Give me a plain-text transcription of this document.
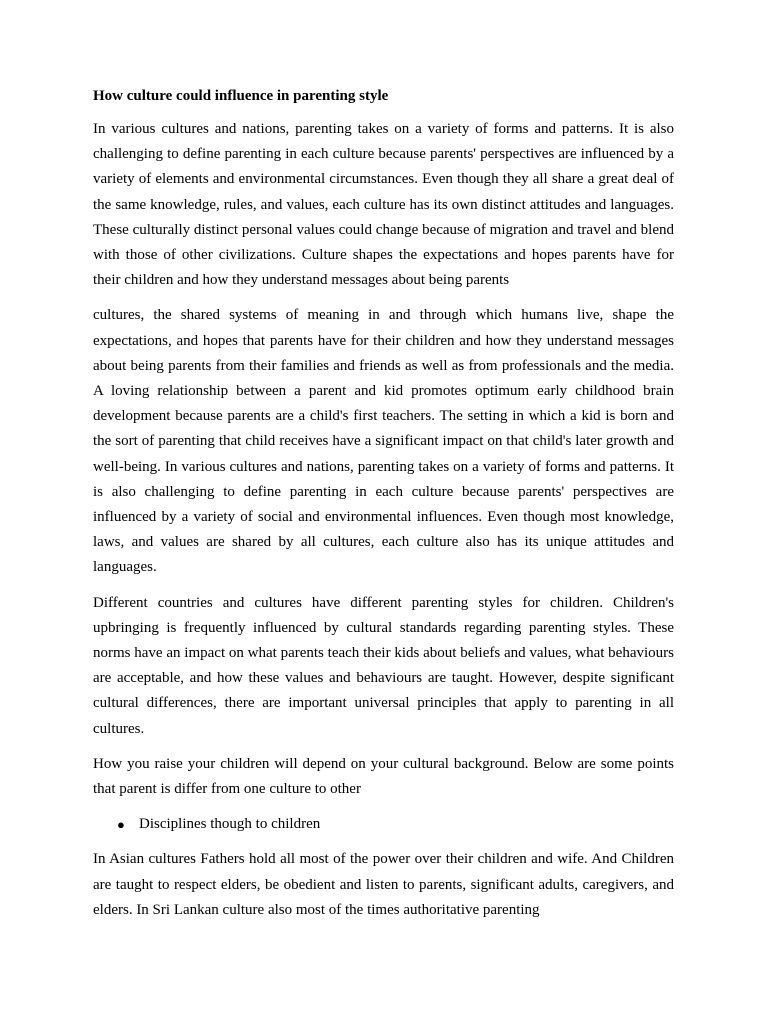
How culture could influence in parenting style

In various cultures and nations, parenting takes on a variety of forms and patterns. It is also challenging to define parenting in each culture because parents' perspectives are influenced by a variety of elements and environmental circumstances. Even though they all share a great deal of the same knowledge, rules, and values, each culture has its own distinct attitudes and languages. These culturally distinct personal values could change because of migration and travel and blend with those of other civilizations. Culture shapes the expectations and hopes parents have for their children and how they understand messages about being parents

cultures, the shared systems of meaning in and through which humans live, shape the expectations, and hopes that parents have for their children and how they understand messages about being parents from their families and friends as well as from professionals and the media. A loving relationship between a parent and kid promotes optimum early childhood brain development because parents are a child's first teachers. The setting in which a kid is born and the sort of parenting that child receives have a significant impact on that child's later growth and well-being. In various cultures and nations, parenting takes on a variety of forms and patterns. It is also challenging to define parenting in each culture because parents' perspectives are influenced by a variety of social and environmental influences. Even though most knowledge, laws, and values are shared by all cultures, each culture also has its unique attitudes and languages.

Different countries and cultures have different parenting styles for children. Children's upbringing is frequently influenced by cultural standards regarding parenting styles. These norms have an impact on what parents teach their kids about beliefs and values, what behaviours are acceptable, and how these values and behaviours are taught. However, despite significant cultural differences, there are important universal principles that apply to parenting in all cultures.

How you raise your children will depend on your cultural background. Below are some points that parent is differ from one culture to other

● Disciplines though to children

In Asian cultures Fathers hold all most of the power over their children and wife. And Children are taught to respect elders, be obedient and listen to parents, significant adults, caregivers, and elders. In Sri Lankan culture also most of the times authoritative parenting
